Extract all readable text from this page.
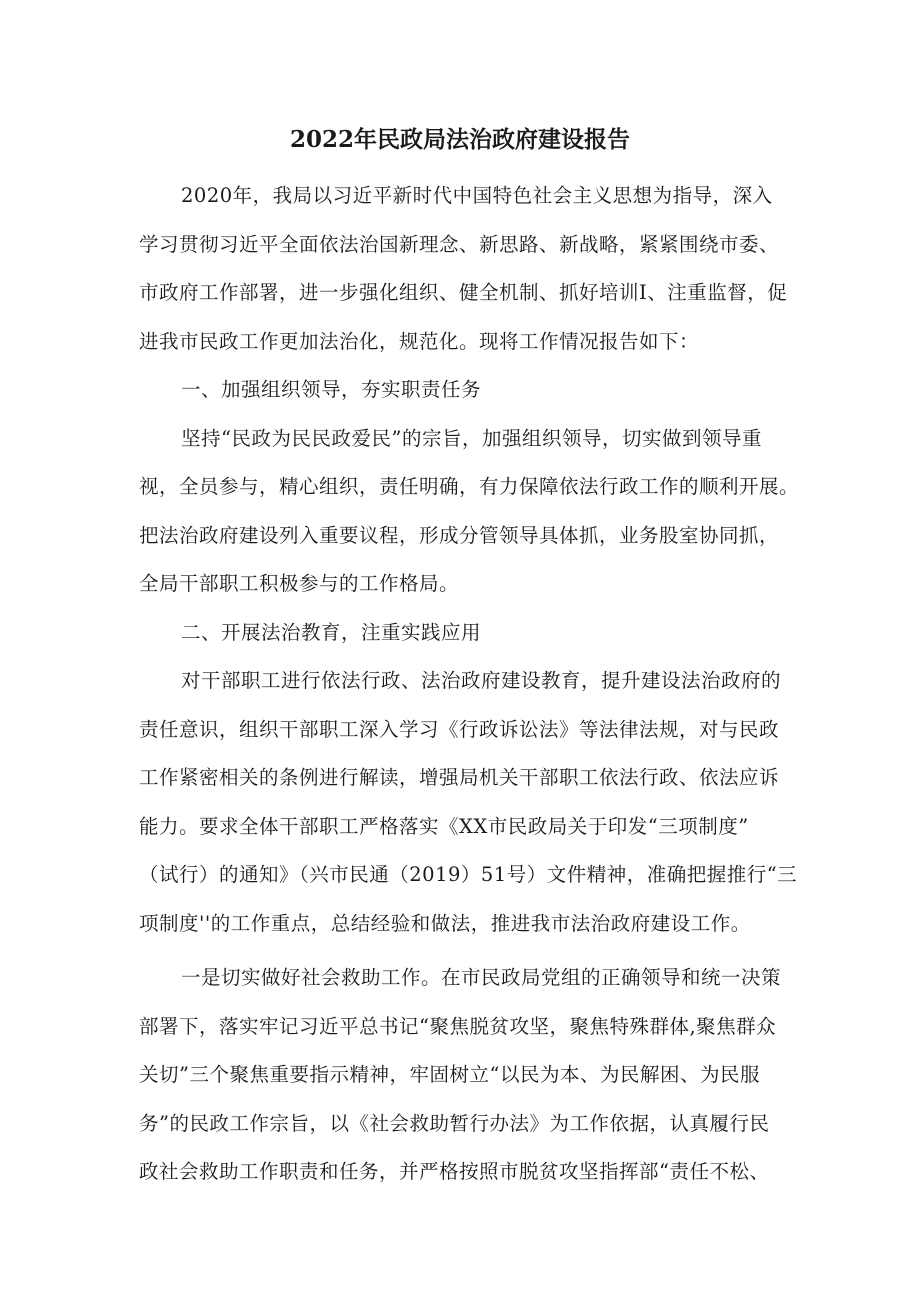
2022年民政局法治政府建设报告
2020年，我局以习近平新时代中国特色社会主义思想为指导，深入
学习贯彻习近平全面依法治国新理念、新思路、新战略，紧紧围绕市委、
市政府工作部署，进一步强化组织、健全机制、抓好培训I、注重监督，促
进我市民政工作更加法治化，规范化。现将工作情况报告如下：
一、加强组织领导，夯实职责任务
坚持“民政为民民政爱民”的宗旨，加强组织领导，切实做到领导重
视，全员参与，精心组织，责任明确，有力保障依法行政工作的顺利开展。
把法治政府建设列入重要议程，形成分管领导具体抓，业务股室协同抓，
全局干部职工积极参与的工作格局。
二、开展法治教育，注重实践应用
对干部职工进行依法行政、法治政府建设教育，提升建设法治政府的
责任意识，组织干部职工深入学习《行政诉讼法》等法律法规，对与民政
工作紧密相关的条例进行解读，增强局机关干部职工依法行政、依法应诉
能力。要求全体干部职工严格落实《XX市民政局关于印发“三项制度”
（试行）的通知》（兴市民通（2019）51号）文件精神，准确把握推行“三
项制度''的工作重点，总结经验和做法，推进我市法治政府建设工作。
一是切实做好社会救助工作。在市民政局党组的正确领导和统一决策
部署下，落实牢记习近平总书记“聚焦脱贫攻坚，聚焦特殊群体,聚焦群众
关切”三个聚焦重要指示精神，牢固树立“以民为本、为民解困、为民服
务”的民政工作宗旨，以《社会救助暂行办法》为工作依据，认真履行民
政社会救助工作职责和任务，并严格按照市脱贫攻坚指挥部“责任不松、
